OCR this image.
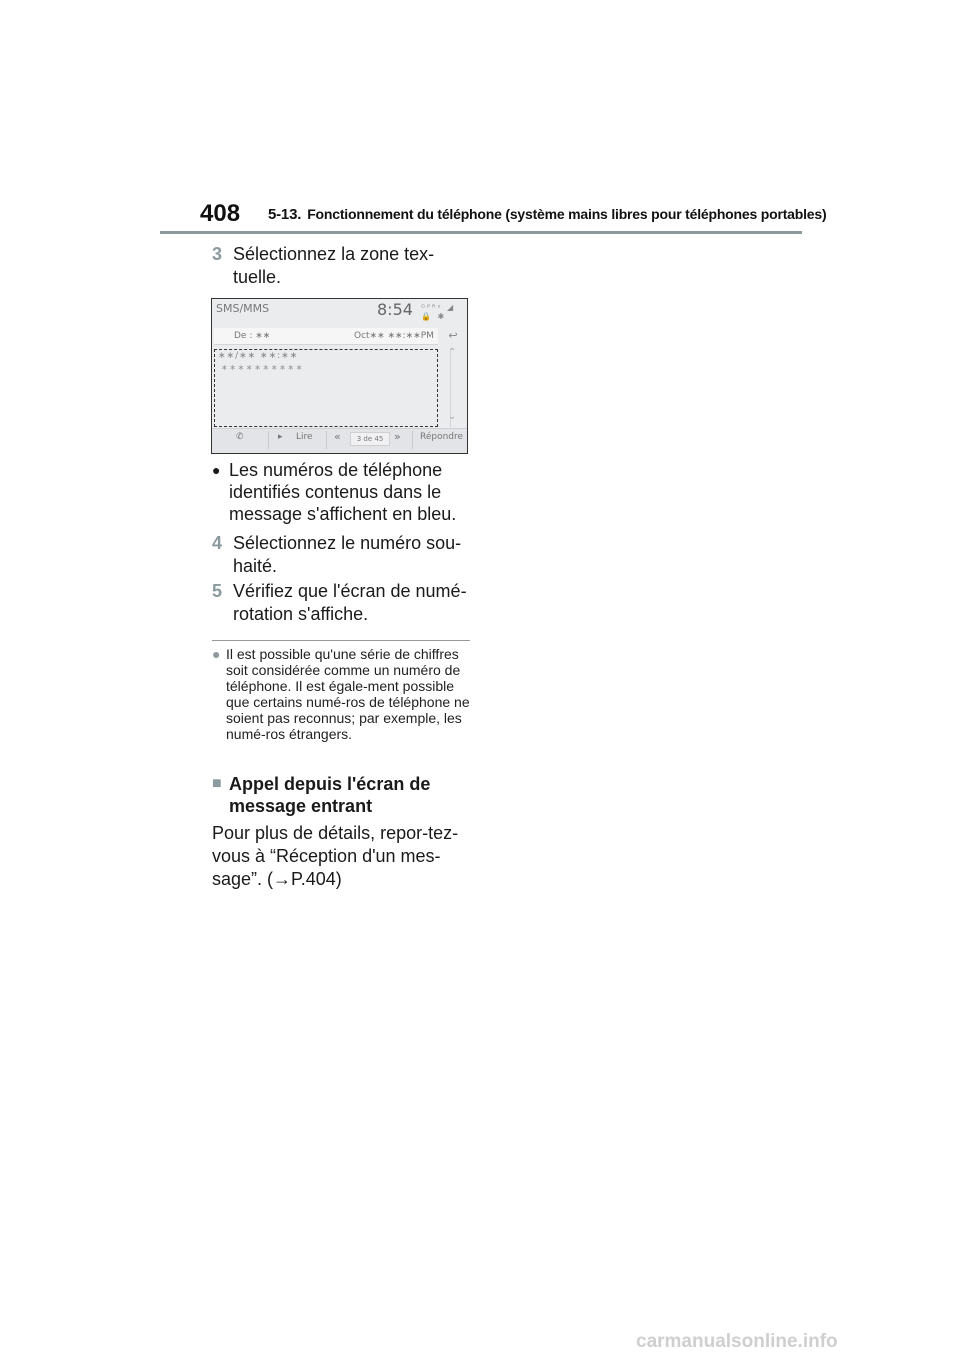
408 5-13. Fonctionnement du téléphone (système mains libres pour téléphones portables)
3 Sélectionnez la zone tex-tuelle.
SMS/MMS	8:54 ᴳᴾᴿˢ ◢ 🔒 ✱
De : ∗∗	Oct∗∗ ∗∗:∗∗PM	↩
∗∗/∗∗ ∗∗:∗∗
∗∗∗∗∗∗∗∗∗∗
⌃
⌄
✆	▸ Lire «	3 de 45 » Répondre
● Les numéros de téléphone identifiés contenus dans le message s'affichent en bleu.
4 Sélectionnez le numéro sou-haité.
5 Vérifiez que l'écran de numé-rotation s'affiche.
● Il est possible qu'une série de chiffres soit considérée comme un numéro de téléphone. Il est égale-ment possible que certains numé-ros de téléphone ne soient pas reconnus; par exemple, les numé-ros étrangers.
■ Appel depuis l'écran de message entrant
Pour plus de détails, repor-tez-vous à “Réception d'un mes-sage”. (→P.404)
carmanualsonline.info
